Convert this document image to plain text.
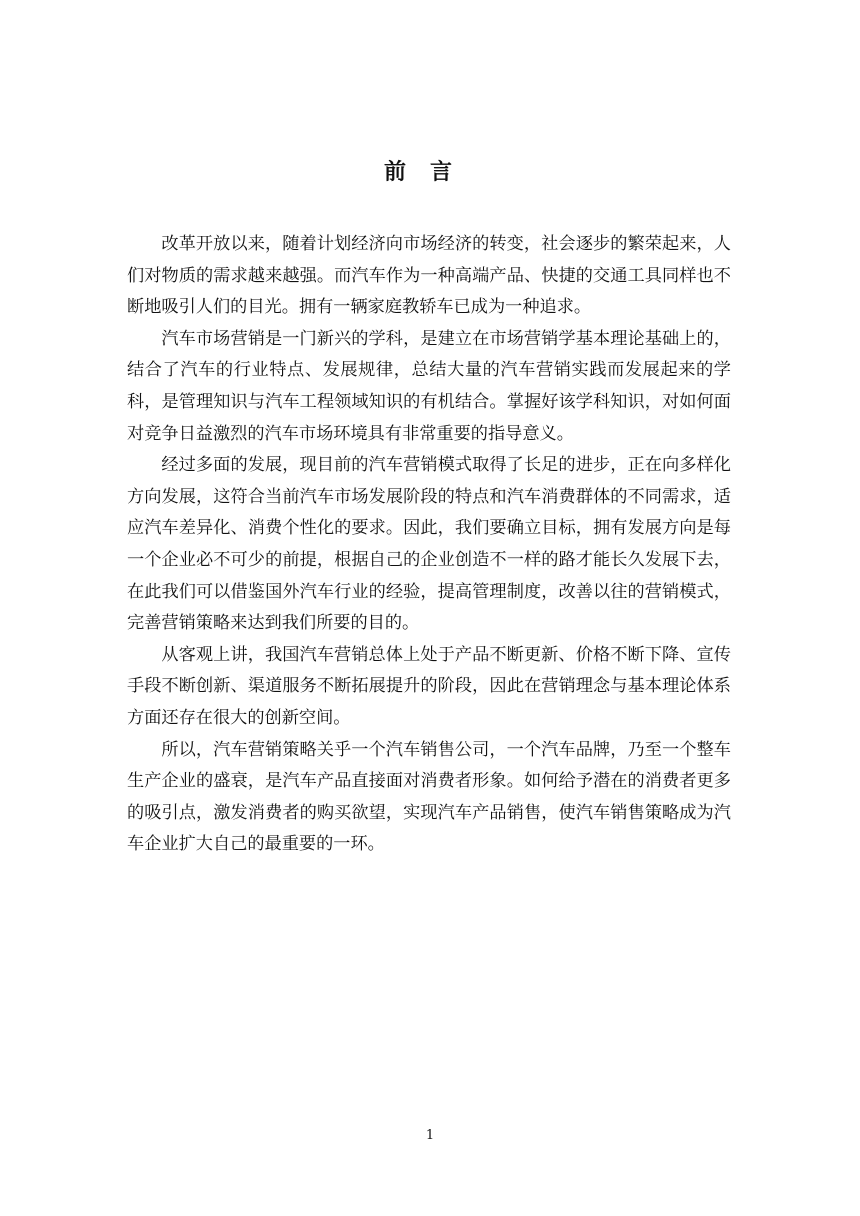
前言

改革开放以来，随着计划经济向市场经济的转变，社会逐步的繁荣起来，人们对物质的需求越来越强。而汽车作为一种高端产品、快捷的交通工具同样也不断地吸引人们的目光。拥有一辆家庭教轿车已成为一种追求。

汽车市场营销是一门新兴的学科，是建立在市场营销学基本理论基础上的，结合了汽车的行业特点、发展规律，总结大量的汽车营销实践而发展起来的学科，是管理知识与汽车工程领域知识的有机结合。掌握好该学科知识，对如何面对竞争日益激烈的汽车市场环境具有非常重要的指导意义。

经过多面的发展，现目前的汽车营销模式取得了长足的进步，正在向多样化方向发展，这符合当前汽车市场发展阶段的特点和汽车消费群体的不同需求，适应汽车差异化、消费个性化的要求。因此，我们要确立目标，拥有发展方向是每一个企业必不可少的前提，根据自己的企业创造不一样的路才能长久发展下去，在此我们可以借鉴国外汽车行业的经验，提高管理制度，改善以往的营销模式，完善营销策略来达到我们所要的目的。

从客观上讲，我国汽车营销总体上处于产品不断更新、价格不断下降、宣传手段不断创新、渠道服务不断拓展提升的阶段，因此在营销理念与基本理论体系方面还存在很大的创新空间。

所以，汽车营销策略关乎一个汽车销售公司，一个汽车品牌，乃至一个整车生产企业的盛衰，是汽车产品直接面对消费者形象。如何给予潜在的消费者更多的吸引点，激发消费者的购买欲望，实现汽车产品销售，使汽车销售策略成为汽车企业扩大自己的最重要的一环。

1
